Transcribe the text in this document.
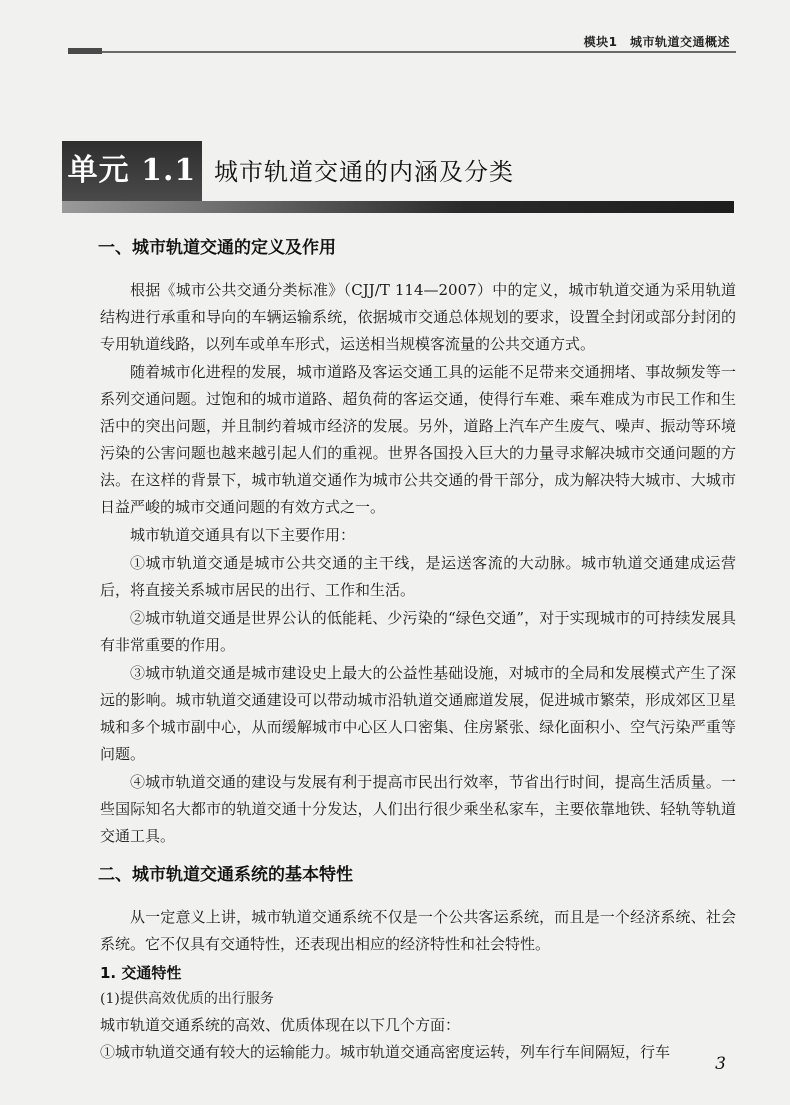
模块1　城市轨道交通概述
单元 1.1 城市轨道交通的内涵及分类
一、城市轨道交通的定义及作用

根据《城市公共交通分类标准》（CJJ/T 114—2007）中的定义，城市轨道交通为采用轨道结构进行承重和导向的车辆运输系统，依据城市交通总体规划的要求，设置全封闭或部分封闭的专用轨道线路，以列车或单车形式，运送相当规模客流量的公共交通方式。

随着城市化进程的发展，城市道路及客运交通工具的运能不足带来交通拥堵、事故频发等一系列交通问题。过饱和的城市道路、超负荷的客运交通，使得行车难、乘车难成为市民工作和生活中的突出问题，并且制约着城市经济的发展。另外，道路上汽车产生废气、噪声、振动等环境污染的公害问题也越来越引起人们的重视。世界各国投入巨大的力量寻求解决城市交通问题的方法。在这样的背景下，城市轨道交通作为城市公共交通的骨干部分，成为解决特大城市、大城市日益严峻的城市交通问题的有效方式之一。

城市轨道交通具有以下主要作用：

①城市轨道交通是城市公共交通的主干线，是运送客流的大动脉。城市轨道交通建成运营后，将直接关系城市居民的出行、工作和生活。

②城市轨道交通是世界公认的低能耗、少污染的“绿色交通”，对于实现城市的可持续发展具有非常重要的作用。

③城市轨道交通是城市建设史上最大的公益性基础设施，对城市的全局和发展模式产生了深远的影响。城市轨道交通建设可以带动城市沿轨道交通廊道发展，促进城市繁荣，形成郊区卫星城和多个城市副中心，从而缓解城市中心区人口密集、住房紧张、绿化面积小、空气污染严重等问题。

④城市轨道交通的建设与发展有利于提高市民出行效率，节省出行时间，提高生活质量。一些国际知名大都市的轨道交通十分发达，人们出行很少乘坐私家车，主要依靠地铁、轻轨等轨道交通工具。

二、城市轨道交通系统的基本特性

从一定意义上讲，城市轨道交通系统不仅是一个公共客运系统，而且是一个经济系统、社会系统。它不仅具有交通特性，还表现出相应的经济特性和社会特性。

1. 交通特性
(1)提供高效优质的出行服务

城市轨道交通系统的高效、优质体现在以下几个方面：

①城市轨道交通有较大的运输能力。城市轨道交通高密度运转，列车行车间隔短，行车

3
